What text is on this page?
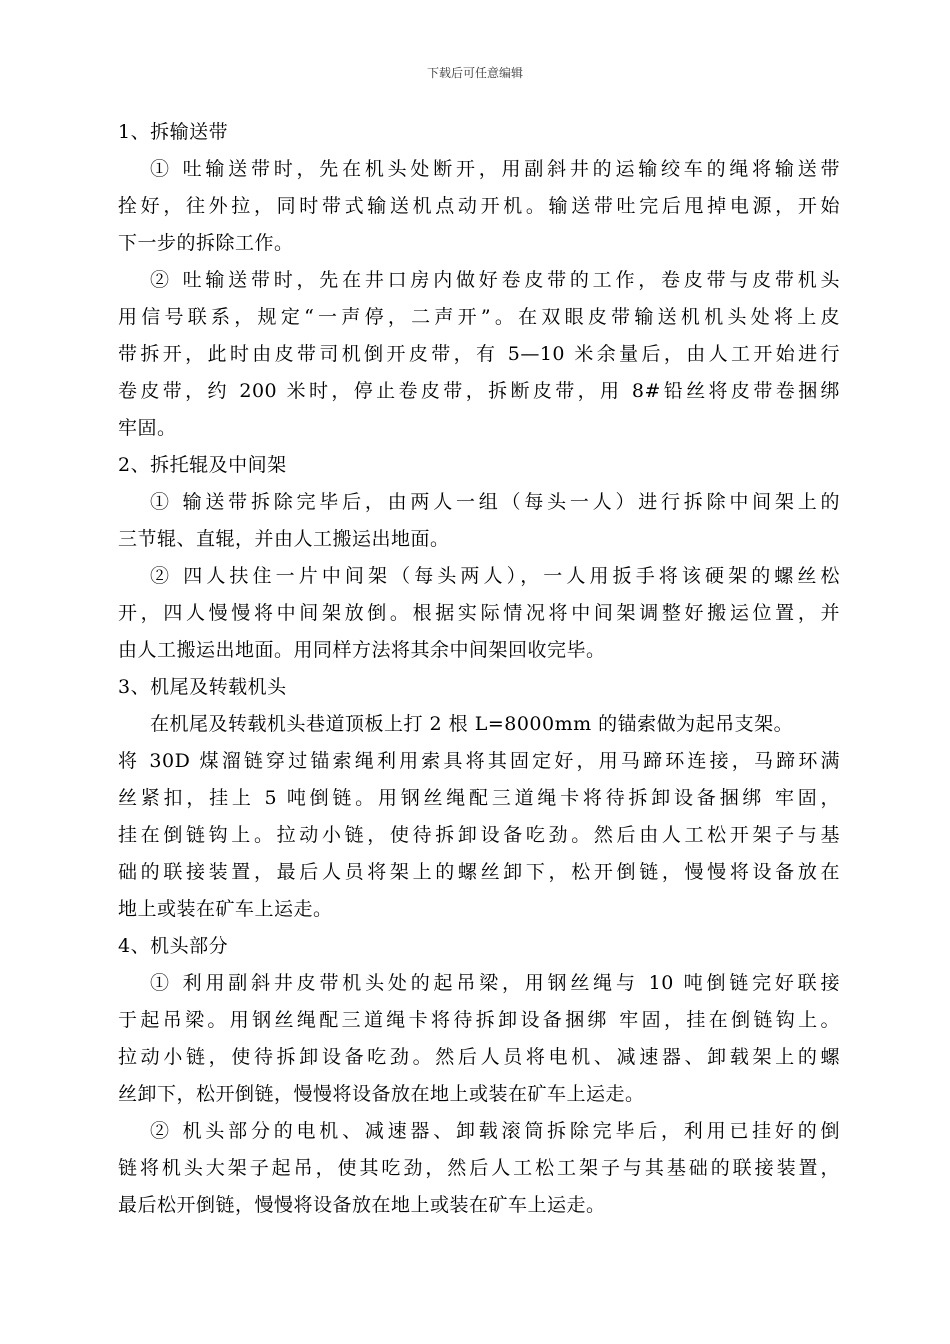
下载后可任意编辑
1、拆输送带
① 吐输送带时，先在机头处断开，用副斜井的运输绞车的绳将输送带
拴好，往外拉，同时带式输送机点动开机。输送带吐完后甩掉电源，开始
下一步的拆除工作。
② 吐输送带时，先在井口房内做好卷皮带的工作，卷皮带与皮带机头
用信号联系，规定“一声停，二声开”。在双眼皮带输送机机头处将上皮
带拆开，此时由皮带司机倒开皮带，有 5—10 米余量后，由人工开始进行
卷皮带，约 200 米时，停止卷皮带，拆断皮带，用 8#铅丝将皮带卷捆绑
牢固。
2、拆托辊及中间架
① 输送带拆除完毕后，由两人一组（每头一人）进行拆除中间架上的
三节辊、直辊，并由人工搬运出地面。
② 四人扶住一片中间架（每头两人），一人用扳手将该硬架的螺丝松
开，四人慢慢将中间架放倒。根据实际情况将中间架调整好搬运位置，并
由人工搬运出地面。用同样方法将其余中间架回收完毕。
3、机尾及转载机头
在机尾及转载机头巷道顶板上打 2 根 L=8000mm 的锚索做为起吊支架。
将 30D 煤溜链穿过锚索绳利用索具将其固定好，用马蹄环连接，马蹄环满
丝紧扣，挂上 5 吨倒链。用钢丝绳配三道绳卡将待拆卸设备捆绑 牢固，
挂在倒链钩上。拉动小链，使待拆卸设备吃劲。然后由人工松开架子与基
础的联接装置，最后人员将架上的螺丝卸下，松开倒链，慢慢将设备放在
地上或装在矿车上运走。
4、机头部分
① 利用副斜井皮带机头处的起吊梁，用钢丝绳与 10 吨倒链完好联接
于起吊梁。用钢丝绳配三道绳卡将待拆卸设备捆绑 牢固，挂在倒链钩上。
拉动小链，使待拆卸设备吃劲。然后人员将电机、减速器、卸载架上的螺
丝卸下，松开倒链，慢慢将设备放在地上或装在矿车上运走。
② 机头部分的电机、减速器、卸载滚筒拆除完毕后，利用已挂好的倒
链将机头大架子起吊，使其吃劲，然后人工松工架子与其基础的联接装置，
最后松开倒链，慢慢将设备放在地上或装在矿车上运走。
